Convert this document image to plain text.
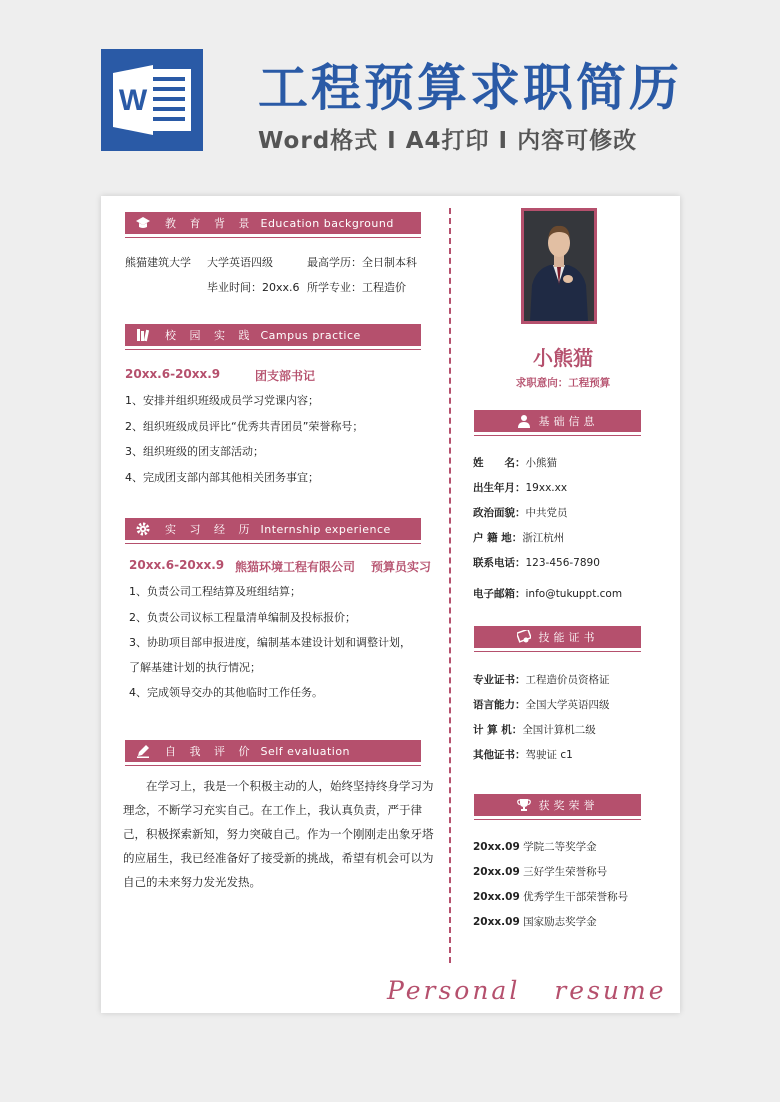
W 工程预算求职简历
Word格式 I A4打印 I 内容可修改
教 育 背 景 Education background
熊猫建筑大学 大学英语四级	最高学历：全日制本科
毕业时间：20xx.6 所学专业：工程造价
校 园 实 践 Campus practice
20xx.6-20xx.9	团支部书记
1、安排并组织班级成员学习党课内容；
2、组织班级成员评比“优秀共青团员”荣誉称号；
3、组织班级的团支部活动；
4、完成团支部内部其他相关团务事宜；
实 习 经 历 Internship experience
20xx.6-20xx.9 熊猫环境工程有限公司 预算员实习
1、负责公司工程结算及班组结算；
2、负责公司议标工程量清单编制及投标报价；
3、协助项目部申报进度，编制基本建设计划和调整计划，
了解基建计划的执行情况；
4、完成领导交办的其他临时工作任务。
自 我 评 价 Self evaluation
在学习上，我是一个积极主动的人，始终坚持终身学习为理念，不断学习充实自己。在工作上，我认真负责，严于律己，积极探索新知，努力突破自己。作为一个刚刚走出象牙塔的应届生，我已经准备好了接受新的挑战，希望有机会可以为自己的未来努力发光发热。
小熊猫
求职意向：工程预算
基础信息
姓　　名：小熊猫
出生年月：19xx.xx
政治面貌：中共党员
户 籍 地：浙江杭州
联系电话：123-456-7890
电子邮箱：info@tukuppt.com
技能证书
专业证书：工程造价员资格证
语言能力：全国大学英语四级
计 算 机：全国计算机二级
其他证书：驾驶证 c1
获奖荣誉
20xx.09 学院二等奖学金
20xx.09 三好学生荣誉称号
20xx.09 优秀学生干部荣誉称号
20xx.09 国家励志奖学金
Personal resume
